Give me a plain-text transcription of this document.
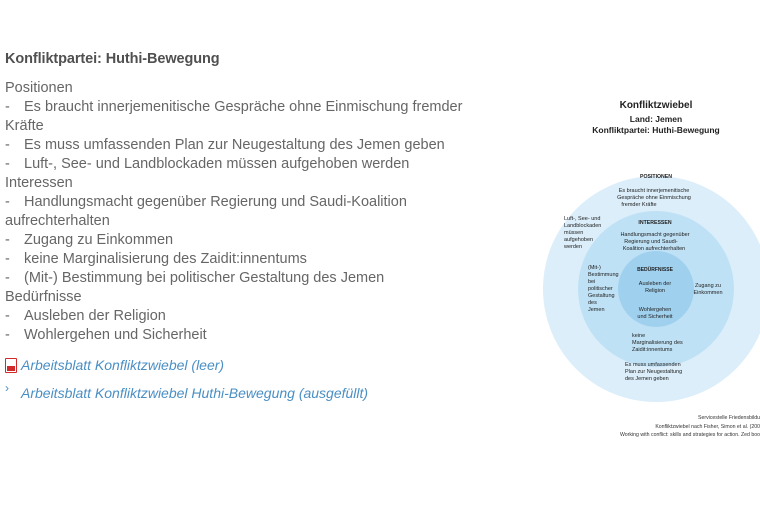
Konfliktpartei: Huthi-Bewegung
Positionen
- Es braucht innerjemenitische Gespräche ohne Einmischung fremder Kräfte
- Es muss umfassenden Plan zur Neugestaltung des Jemen geben
- Luft-, See- und Landblockaden müssen aufgehoben werden
Interessen
- Handlungsmacht gegenüber Regierung und Saudi-Koalition aufrechterhalten
- Zugang zu Einkommen
- keine Marginalisierung des Zaidit:innentums
- (Mit-) Bestimmung bei politischer Gestaltung des Jemen
Bedürfnisse
- Ausleben der Religion
- Wohlergehen und Sicherheit
Arbeitsblatt Konfliktzwiebel (leer)
› Arbeitsblatt Konfliktzwiebel Huthi-Bewegung (ausgefüllt)
Konfliktzwiebel
Land: Jemen
Konfliktpartei: Huthi-Bewegung
POSITIONEN
Es braucht innerjemenitische
Gespräche ohne Einmischung
fremder Kräfte
Luft-, See- und
Landblockaden
müssen
aufgehoben
werden
INTERESSEN
Handlungsmacht gegenüber
Regierung und Saudi-
Koalition aufrechterhalten
(Mit-)
Bestimmung
bei
politischer
Gestaltung
des
Jemen
Zugang zu
Einkommen
BEDÜRFNISSE
Ausleben der
Religion
Wohlergehen
und Sicherheit
keine
Marginalisierung des
Zaidit:innentums
Es muss umfassenden
Plan zur Neugestaltung
des Jemen geben
Servicestelle Friedensbildu
Konfliktzwiebel nach Fisher, Simon et al. (200
Working with conflict: skills and strategies for action. Zed boo
